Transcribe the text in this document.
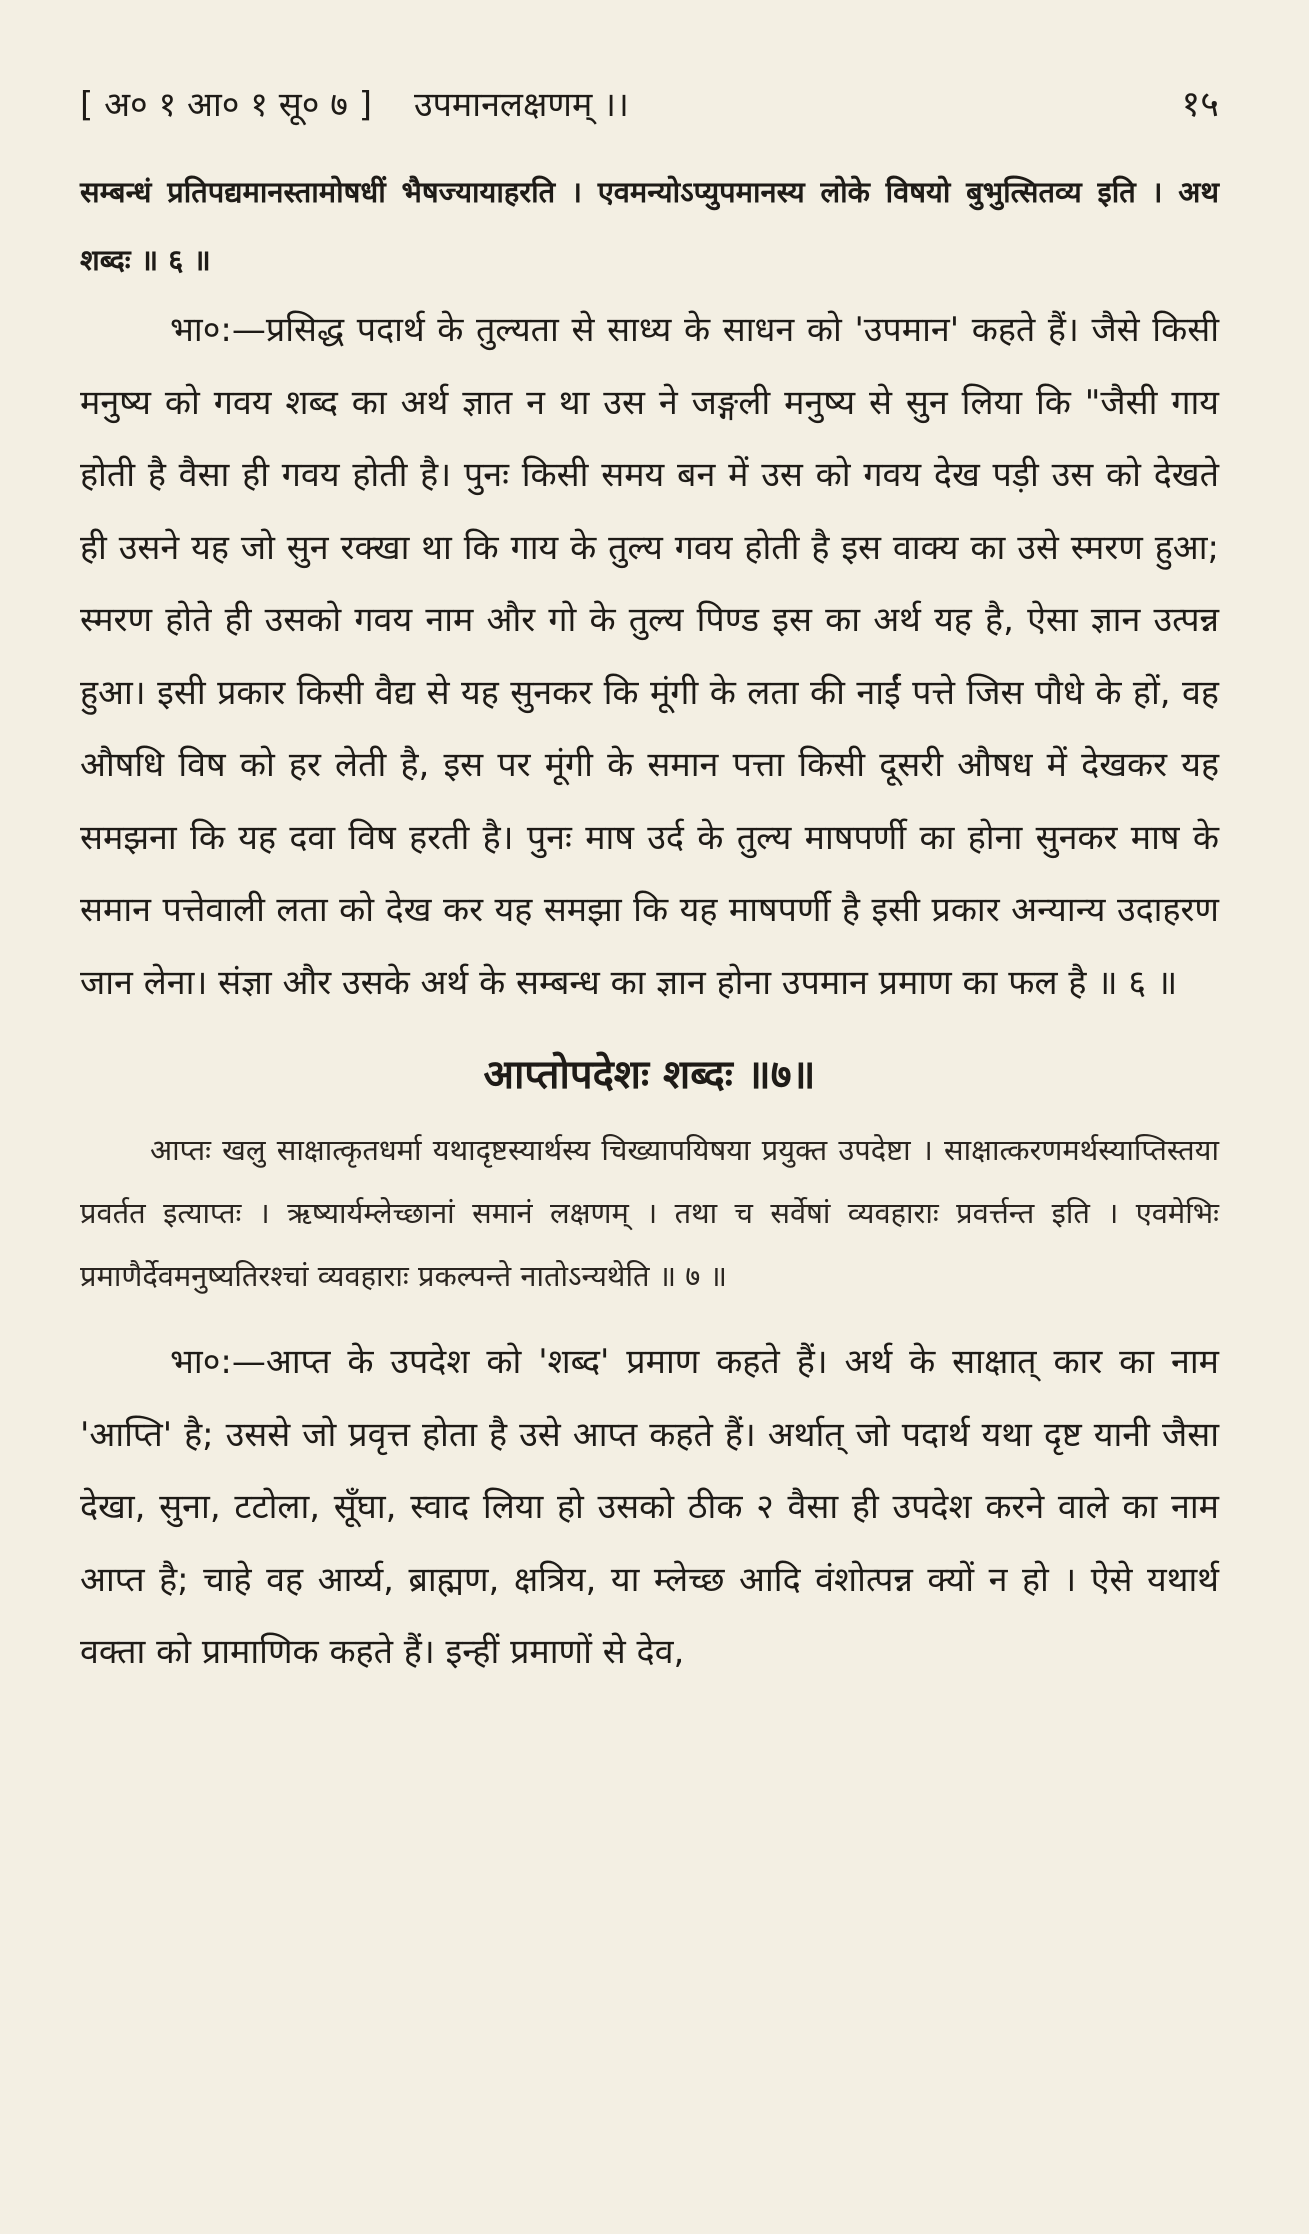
[ अ० १ आ० १ सू० ७ ] उपमानलक्षणम् ।।	१५

सम्बन्धं प्रतिपद्यमानस्तामोषधीं भैषज्यायाहरति । एवमन्योऽप्युपमानस्य लोके विषयो बुभुत्सितव्य इति । अथ शब्दः ॥ ६ ॥

भा०:—प्रसिद्ध पदार्थ के तुल्यता से साध्य के साधन को 'उपमान' कहते हैं। जैसे किसी मनुष्य को गवय शब्द का अर्थ ज्ञात न था उस ने जङ्गली मनुष्य से सुन लिया कि "जैसी गाय होती है वैसा ही गवय होती है। पुनः किसी समय बन में उस को गवय देख पड़ी उस को देखते ही उसने यह जो सुन रक्खा था कि गाय के तुल्य गवय होती है इस वाक्य का उसे स्मरण हुआ; स्मरण होते ही उसको गवय नाम और गो के तुल्य पिण्ड इस का अर्थ यह है, ऐसा ज्ञान उत्पन्न हुआ। इसी प्रकार किसी वैद्य से यह सुनकर कि मूंगी के लता की नाईं पत्ते जिस पौधे के हों, वह औषधि विष को हर लेती है, इस पर मूंगी के समान पत्ता किसी दूसरी औषध में देखकर यह समझना कि यह दवा विष हरती है। पुनः माष उर्द के तुल्य माषपर्णी का होना सुनकर माष के समान पत्तेवाली लता को देख कर यह समझा कि यह माषपर्णी है इसी प्रकार अन्यान्य उदाहरण जान लेना। संज्ञा और उसके अर्थ के सम्बन्ध का ज्ञान होना उपमान प्रमाण का फल है ॥ ६ ॥

आप्तोपदेशः शब्दः ॥७॥

आप्तः खलु साक्षात्कृतधर्मा यथादृष्टस्यार्थस्य चिख्यापयिषया प्रयुक्त उपदेष्टा । साक्षात्करणमर्थस्याप्तिस्तया प्रवर्तत इत्याप्तः । ऋष्यार्यम्लेच्छानां समानं लक्षणम् । तथा च सर्वेषां व्यवहाराः प्रवर्त्तन्त इति । एवमेभिः प्रमाणैर्देवमनुष्यतिरश्चां व्यवहाराः प्रकल्पन्ते नातोऽन्यथेति ॥ ७ ॥

भा०:—आप्त के उपदेश को 'शब्द' प्रमाण कहते हैं। अर्थ के साक्षात् कार का नाम 'आप्ति' है; उससे जो प्रवृत्त होता है उसे आप्त कहते हैं। अर्थात् जो पदार्थ यथा दृष्ट यानी जैसा देखा, सुना, टटोला, सूँघा, स्वाद लिया हो उसको ठीक २ वैसा ही उपदेश करने वाले का नाम आप्त है; चाहे वह आर्य्य, ब्राह्मण, क्षत्रिय, या म्लेच्छ आदि वंशोत्पन्न क्यों न हो । ऐसे यथार्थ वक्ता को प्रामाणिक कहते हैं। इन्हीं प्रमाणों से देव,
